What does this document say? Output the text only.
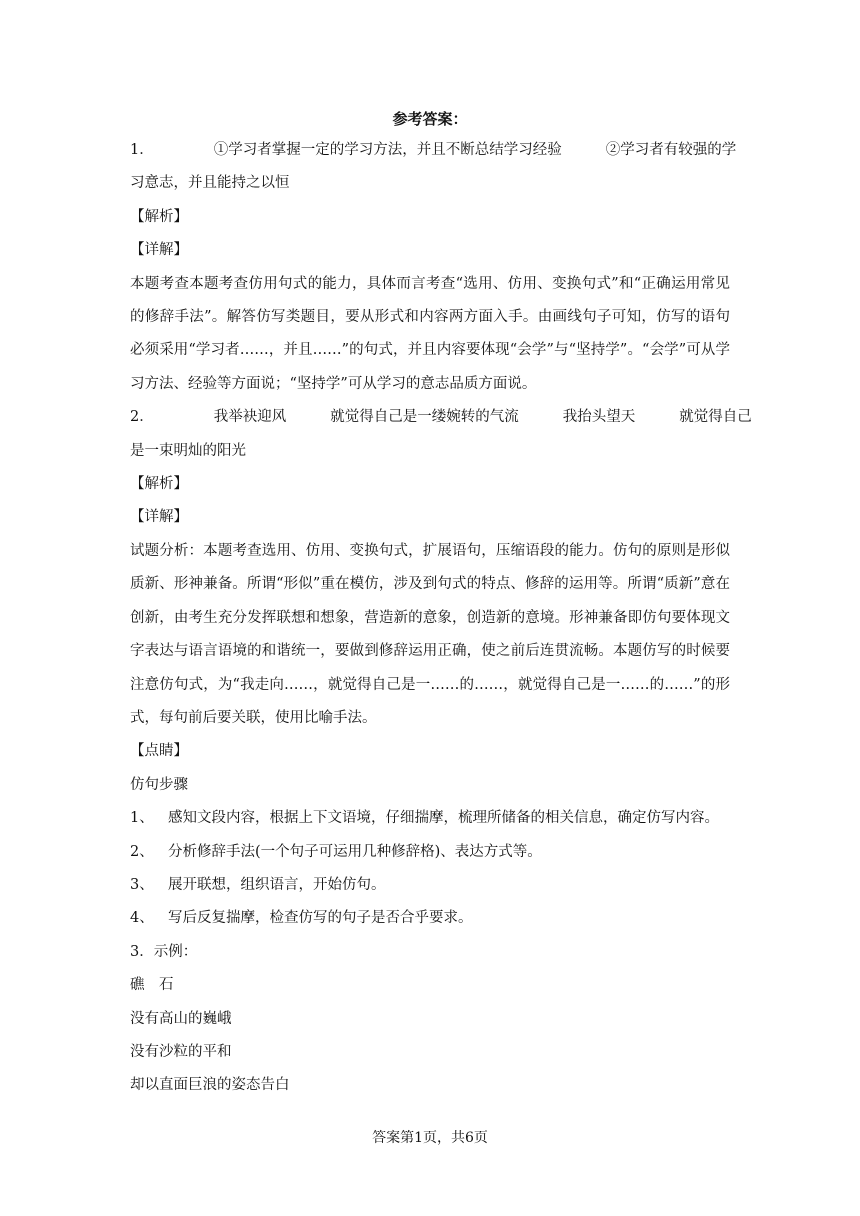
参考答案：

1．	①学习者掌握一定的学习方法，并且不断总结学习经验	②学习者有较强的学

习意志，并且能持之以恒

【解析】

【详解】

本题考查本题考查仿用句式的能力，具体而言考查“选用、仿用、变换句式”和“正确运用常见的修辞手法”。解答仿写类题目，要从形式和内容两方面入手。由画线句子可知，仿写的语句必须采用“学习者……，并且……”的句式，并且内容要体现“会学”与“坚持学”。“会学”可从学习方法、经验等方面说；“坚持学”可从学习的意志品质方面说。

2．	我举袂迎风	就觉得自己是一缕婉转的气流	我抬头望天	就觉得自己

是一束明灿的阳光

【解析】

【详解】

试题分析：本题考查选用、仿用、变换句式，扩展语句，压缩语段的能力。仿句的原则是形似质新、形神兼备。所谓“形似”重在模仿，涉及到句式的特点、修辞的运用等。所谓“质新”意在创新，由考生充分发挥联想和想象，营造新的意象，创造新的意境。形神兼备即仿句要体现文字表达与语言语境的和谐统一，要做到修辞运用正确，使之前后连贯流畅。本题仿写的时候要注意仿句式，为“我走向……，就觉得自己是一……的……，就觉得自己是一……的……”的形式，每句前后要关联，使用比喻手法。

【点睛】

仿句步骤

1、 感知文段内容，根据上下文语境，仔细揣摩，梳理所储备的相关信息，确定仿写内容。

2、 分析修辞手法(一个句子可运用几种修辞格)、表达方式等。

3、 展开联想，组织语言，开始仿句。

4、 写后反复揣摩，检查仿写的句子是否合乎要求。

3．示例：

礁　石

没有高山的巍峨

没有沙粒的平和

却以直面巨浪的姿态告白

答案第1页，共6页
